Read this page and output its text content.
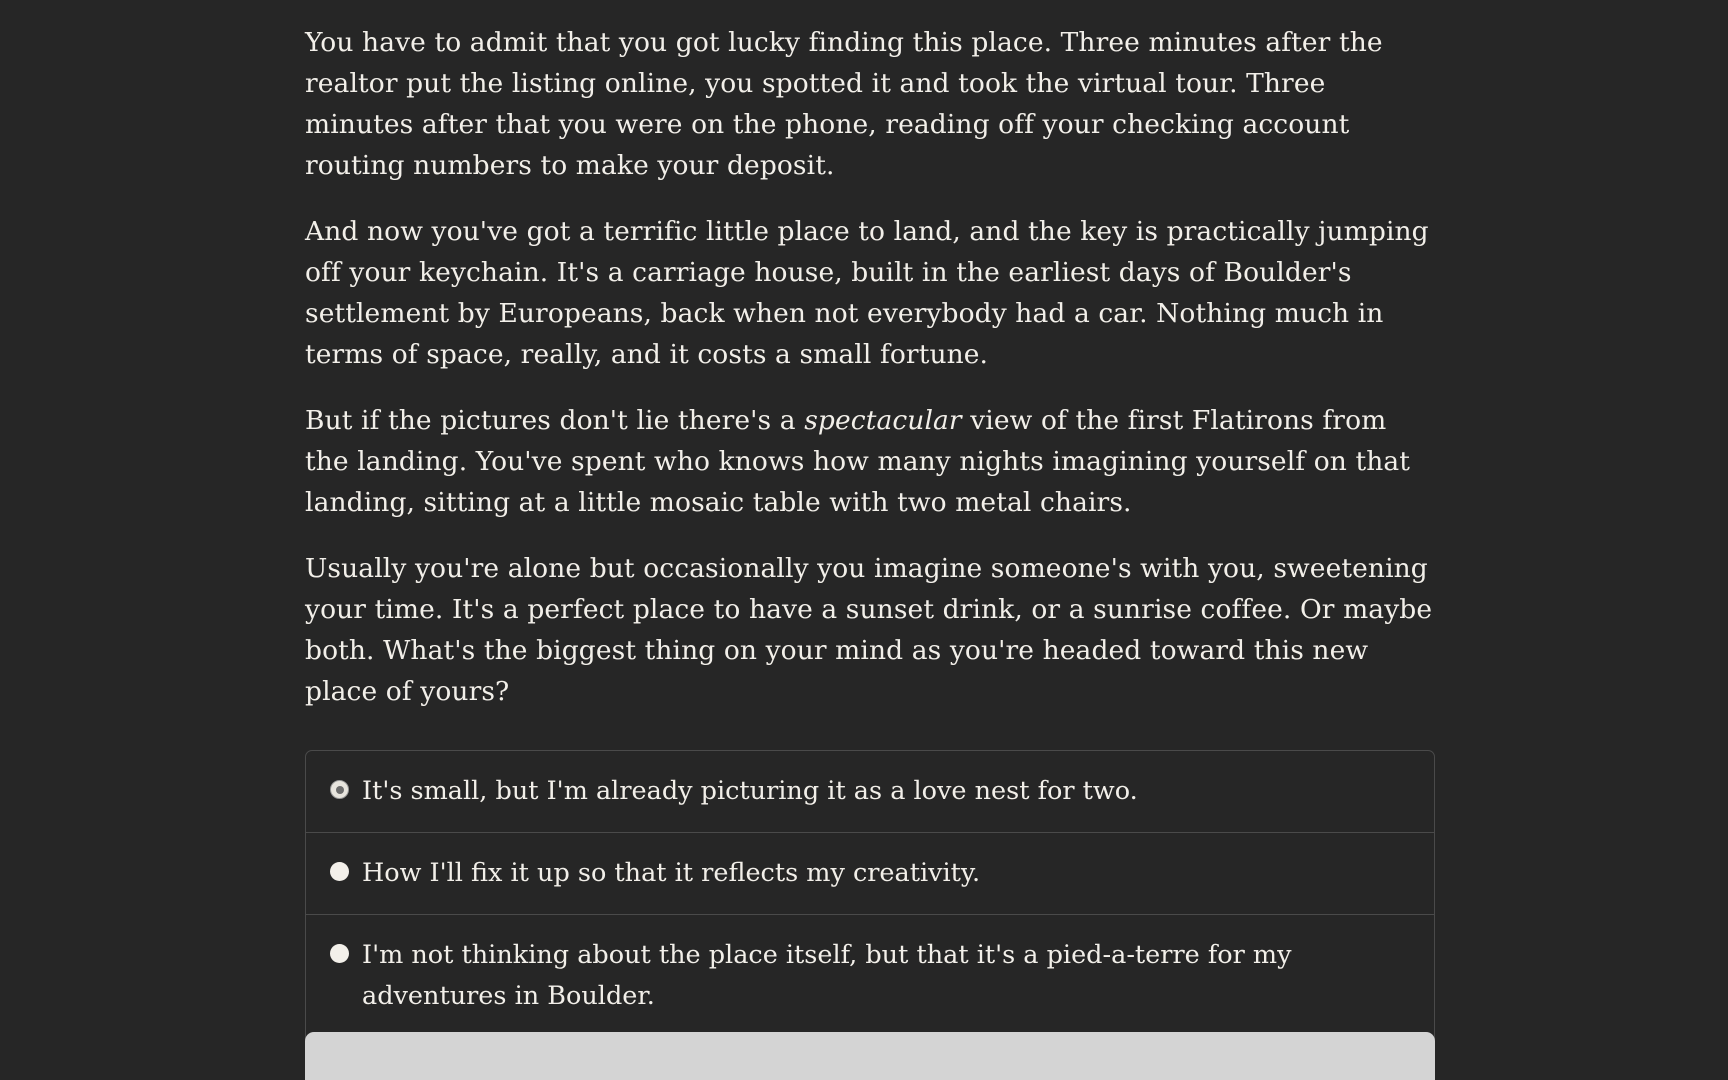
You have to admit that you got lucky finding this place. Three minutes after the realtor put the listing online, you spotted it and took the virtual tour. Three minutes after that you were on the phone, reading off your checking account routing numbers to make your deposit.

And now you've got a terrific little place to land, and the key is practically jumping off your keychain. It's a carriage house, built in the earliest days of Boulder's settlement by Europeans, back when not everybody had a car. Nothing much in terms of space, really, and it costs a small fortune.

But if the pictures don't lie there's a spectacular view of the first Flatirons from the landing. You've spent who knows how many nights imagining yourself on that landing, sitting at a little mosaic table with two metal chairs.

Usually you're alone but occasionally you imagine someone's with you, sweetening your time. It's a perfect place to have a sunset drink, or a sunrise coffee. Or maybe both. What's the biggest thing on your mind as you're headed toward this new place of yours?

It's small, but I'm already picturing it as a love nest for two.
How I'll fix it up so that it reflects my creativity.
I'm not thinking about the place itself, but that it's a pied-a-terre for my adventures in Boulder.
